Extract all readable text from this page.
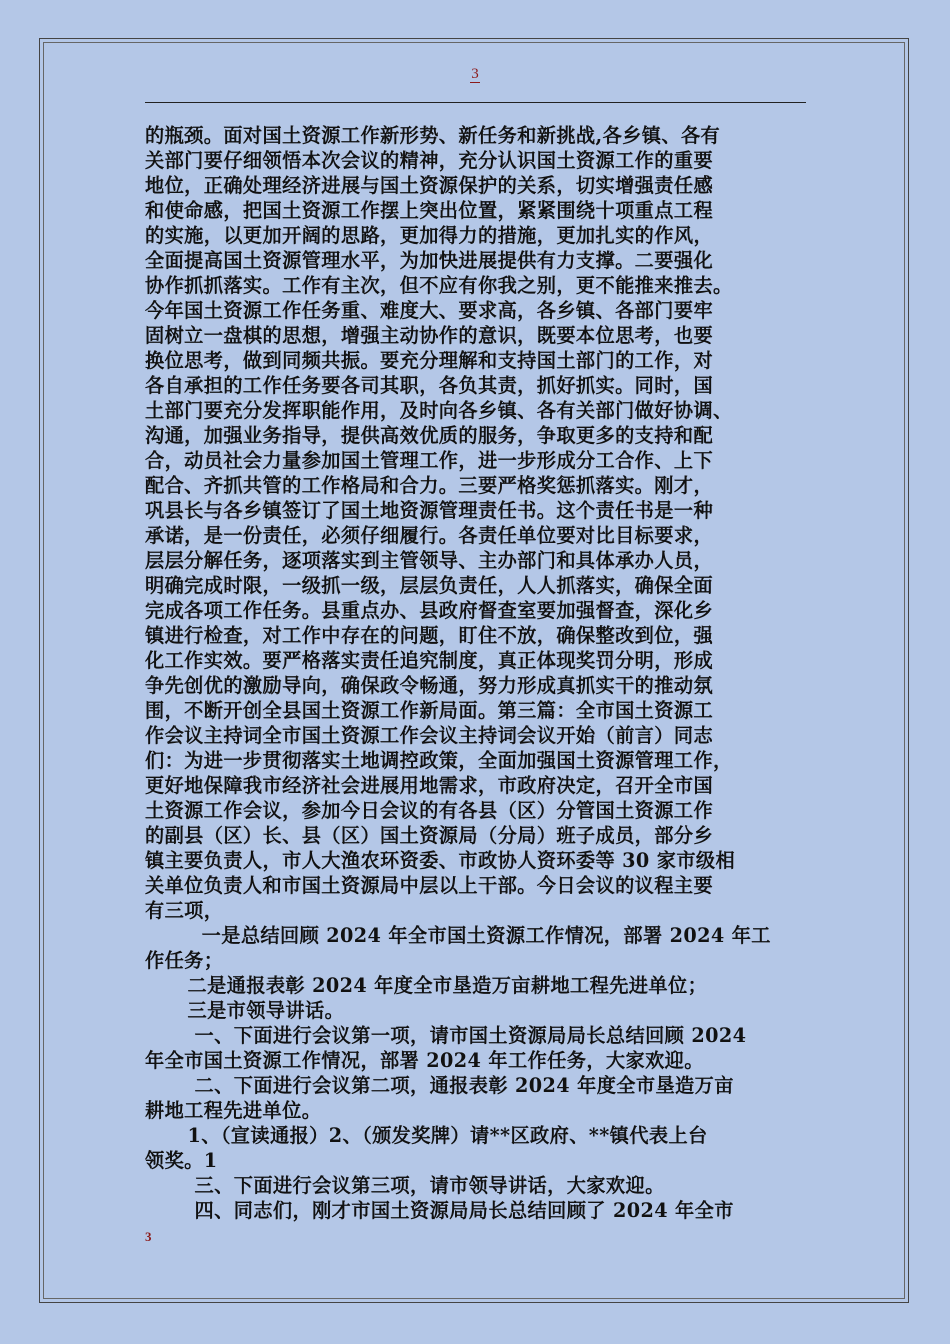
3

的瓶颈。面对国土资源工作新形势、新任务和新挑战,各乡镇、各有

关部门要仔细领悟本次会议的精神，充分认识国土资源工作的重要

地位，正确处理经济进展与国土资源保护的关系，切实增强责任感

和使命感，把国土资源工作摆上突出位置，紧紧围绕十项重点工程

的实施，以更加开阔的思路，更加得力的措施，更加扎实的作风，

全面提高国土资源管理水平，为加快进展提供有力支撑。二要强化

协作抓抓落实。工作有主次，但不应有你我之别，更不能推来推去。

今年国土资源工作任务重、难度大、要求高，各乡镇、各部门要牢

固树立一盘棋的思想，增强主动协作的意识，既要本位思考，也要

换位思考，做到同频共振。要充分理解和支持国土部门的工作，对

各自承担的工作任务要各司其职，各负其责，抓好抓实。同时，国

土部门要充分发挥职能作用，及时向各乡镇、各有关部门做好协调、

沟通，加强业务指导，提供高效优质的服务，争取更多的支持和配

合，动员社会力量参加国土管理工作，进一步形成分工合作、上下

配合、齐抓共管的工作格局和合力。三要严格奖惩抓落实。刚才，

巩县长与各乡镇签订了国土地资源管理责任书。这个责任书是一种

承诺，是一份责任，必须仔细履行。各责任单位要对比目标要求，

层层分解任务，逐项落实到主管领导、主办部门和具体承办人员，

明确完成时限，一级抓一级，层层负责任，人人抓落实，确保全面

完成各项工作任务。县重点办、县政府督查室要加强督查，深化乡

镇进行检查，对工作中存在的问题，盯住不放，确保整改到位，强

化工作实效。要严格落实责任追究制度，真正体现奖罚分明，形成

争先创优的激励导向，确保政令畅通，努力形成真抓实干的推动氛

围，不断开创全县国土资源工作新局面。第三篇：全市国土资源工

作会议主持词全市国土资源工作会议主持词会议开始（前言）同志

们：为进一步贯彻落实土地调控政策，全面加强国土资源管理工作，

更好地保障我市经济社会进展用地需求，市政府决定，召开全市国

土资源工作会议，参加今日会议的有各县（区）分管国土资源工作

的副县（区）长、县（区）国土资源局（分局）班子成员，部分乡

镇主要负责人，市人大渔农环资委、市政协人资环委等 30 家市级相

关单位负责人和市国土资源局中层以上干部。今日会议的议程主要

有三项，

一是总结回顾 2024 年全市国土资源工作情况，部署 2024 年工

作任务；

二是通报表彰 2024 年度全市垦造万亩耕地工程先进单位；

三是市领导讲话。

一、下面进行会议第一项，请市国土资源局局长总结回顾 2024

年全市国土资源工作情况，部署 2024 年工作任务，大家欢迎。

二、下面进行会议第二项，通报表彰 2024 年度全市垦造万亩

耕地工程先进单位。

1、（宣读通报）2、（颁发奖牌）请**区政府、**镇代表上台

领奖。1

三、下面进行会议第三项，请市领导讲话，大家欢迎。

四、同志们，刚才市国土资源局局长总结回顾了 2024 年全市

3
